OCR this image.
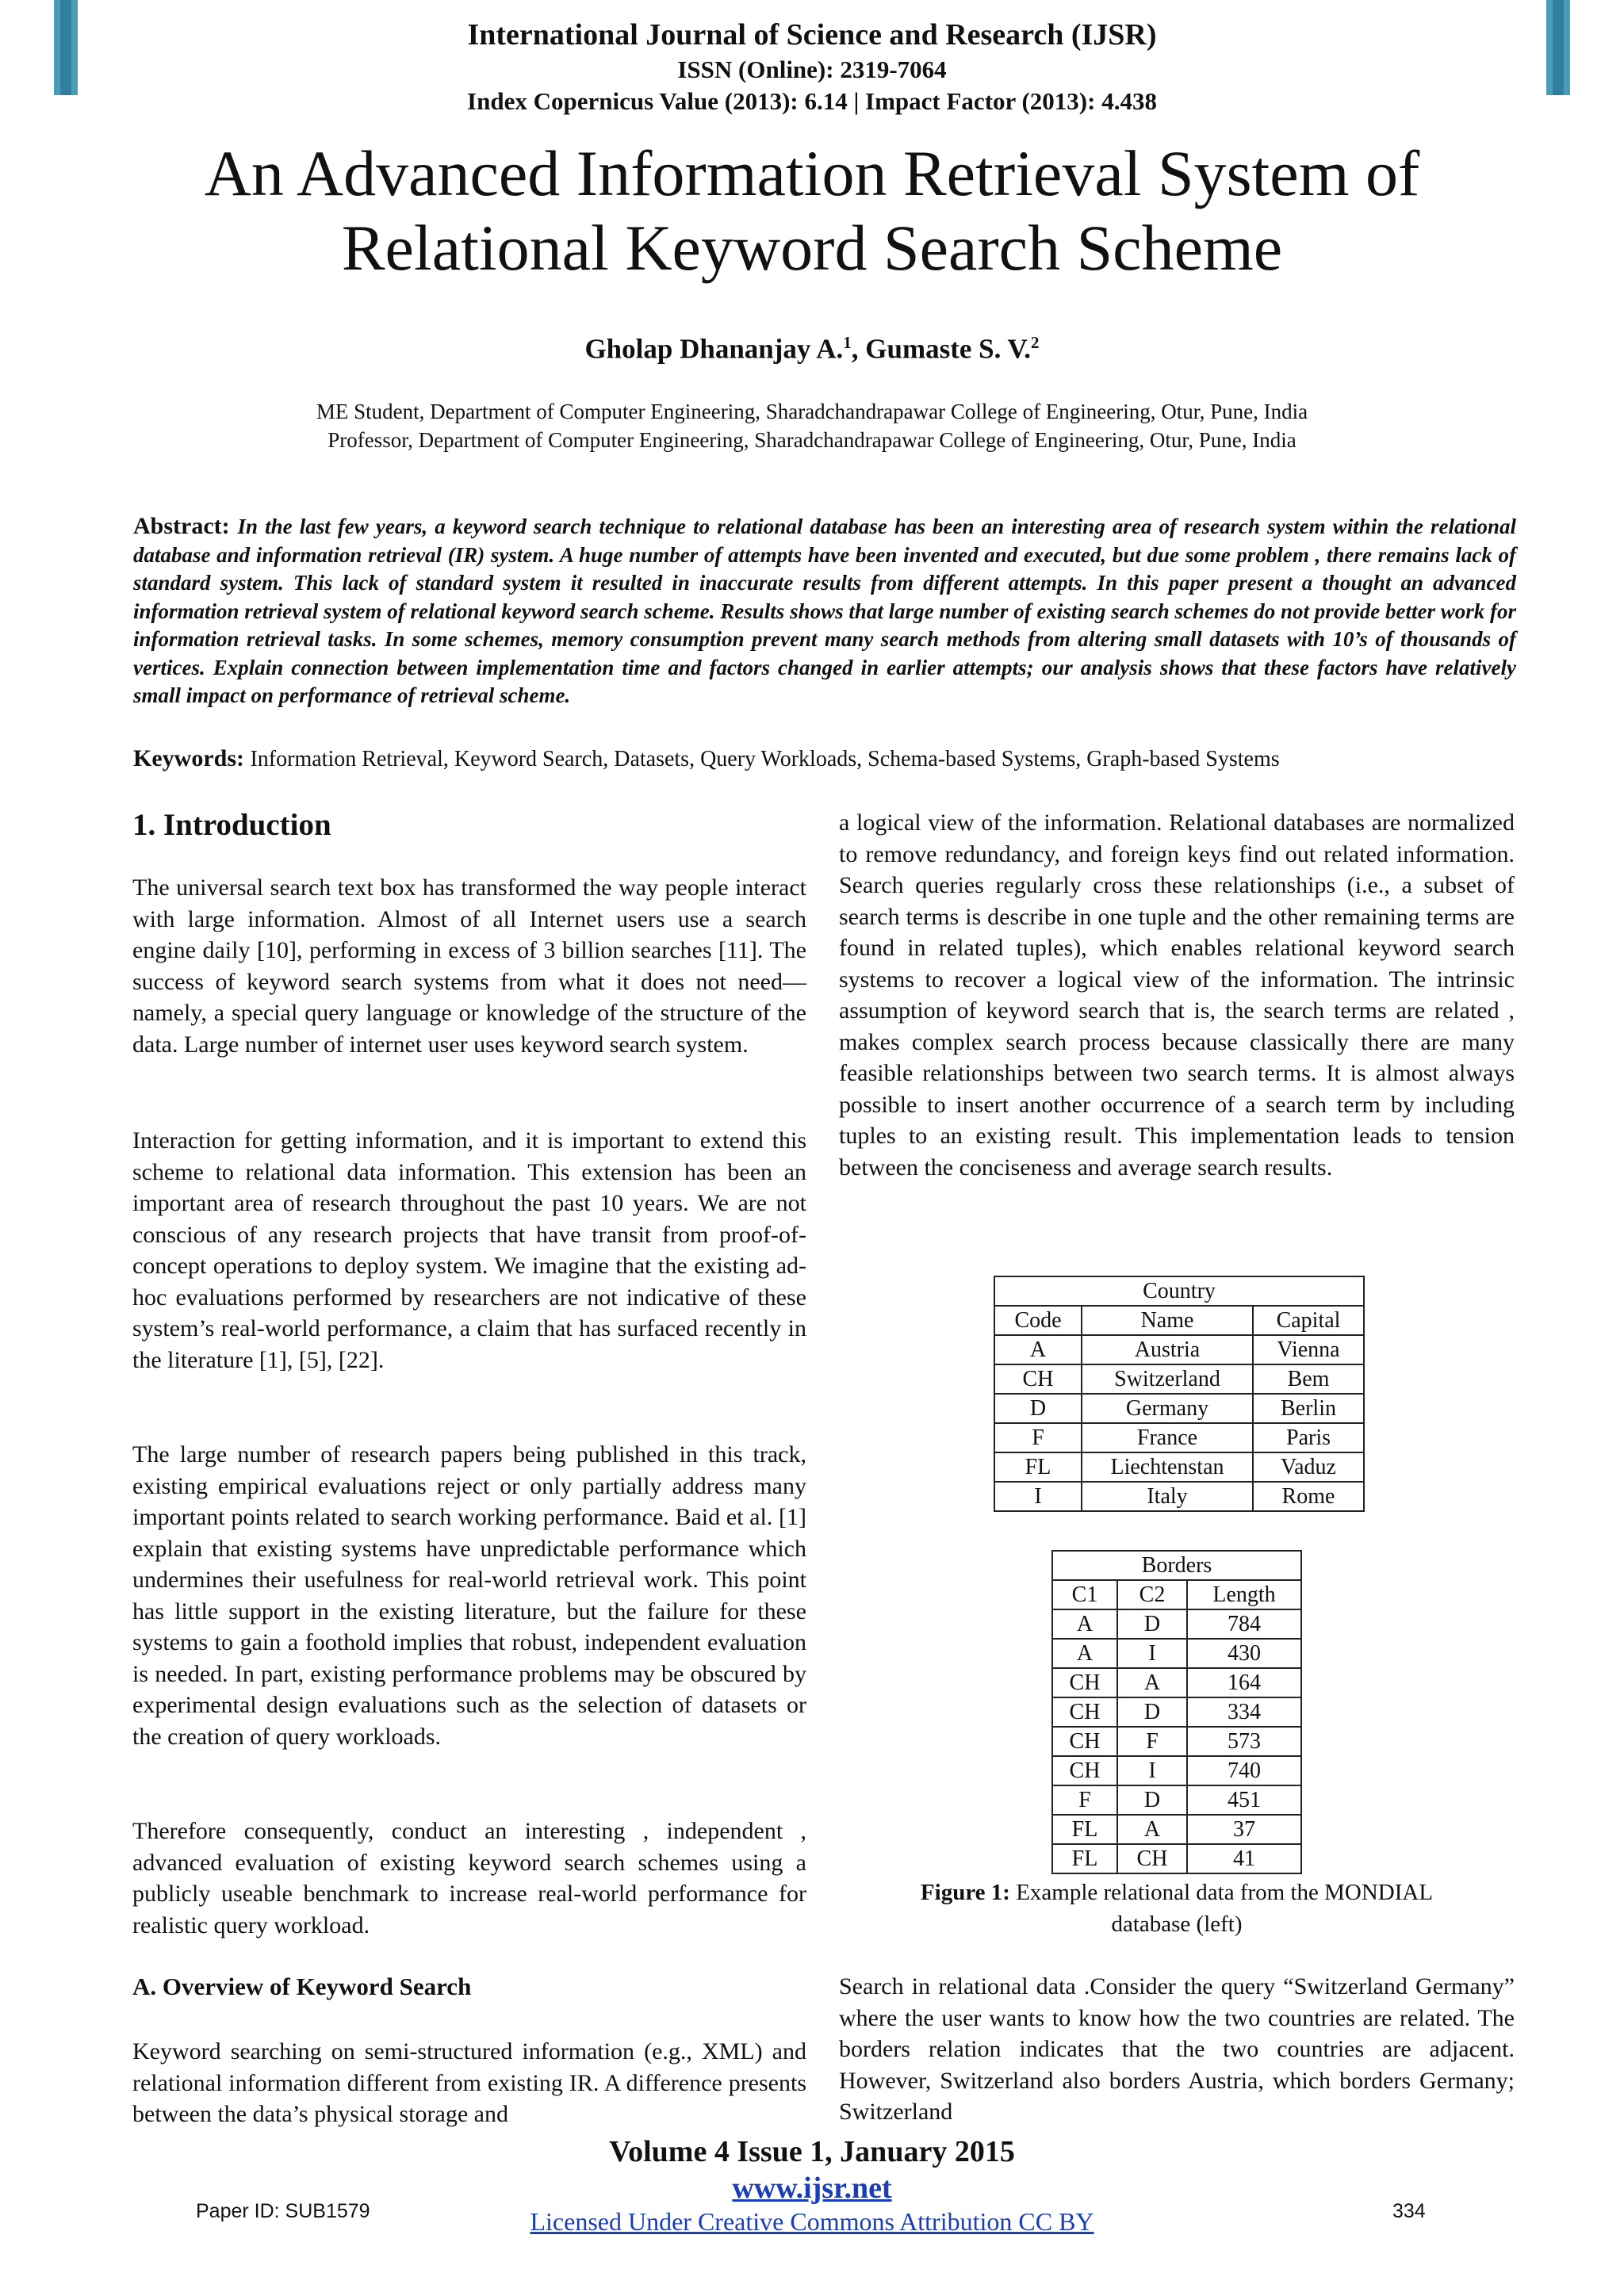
International Journal of Science and Research (IJSR)
ISSN (Online): 2319-7064
Index Copernicus Value (2013): 6.14 | Impact Factor (2013): 4.438
An Advanced Information Retrieval System of
Relational Keyword Search Scheme
Gholap Dhananjay A.$^1$, Gumaste S. V.$^2$
ME Student, Department of Computer Engineering, Sharadchandrapawar College of Engineering, Otur, Pune, India
Professor, Department of Computer Engineering, Sharadchandrapawar College of Engineering, Otur, Pune, India
Abstract: In the last few years, a keyword search technique to relational database has been an interesting area of research system within the relational database and information retrieval (IR) system. A huge number of attempts have been invented and executed, but due some problem , there remains lack of standard system. This lack of standard system it resulted in inaccurate results from different attempts. In this paper present a thought an advanced information retrieval system of relational keyword search scheme. Results shows that large number of existing search schemes do not provide better work for information retrieval tasks. In some schemes, memory consumption prevent many search methods from altering small datasets with 10’s of thousands of vertices. Explain connection between implementation time and factors changed in earlier attempts; our analysis shows that these factors have relatively small impact on performance of retrieval scheme.
Keywords: Information Retrieval, Keyword Search, Datasets, Query Workloads, Schema-based Systems, Graph-based Systems
1. Introduction

The universal search text box has transformed the way people interact with large information. Almost of all Internet users use a search engine daily [10], performing in excess of 3 billion searches [11]. The success of keyword search systems from what it does not need—namely, a special query language or knowledge of the structure of the data. Large number of internet user uses keyword search system.

Interaction for getting information, and it is important to extend this scheme to relational data information. This extension has been an important area of research throughout the past 10 years. We are not conscious of any research projects that have transit from proof-of-concept operations to deploy system. We imagine that the existing ad-hoc evaluations performed by researchers are not indicative of these system’s real-world performance, a claim that has surfaced recently in the literature [1], [5], [22].

The large number of research papers being published in this track, existing empirical evaluations reject or only partially address many important points related to search working performance. Baid et al. [1] explain that existing systems have unpredictable performance which undermines their usefulness for real-world retrieval work. This point has little support in the existing literature, but the failure for these systems to gain a foothold implies that robust, independent evaluation is needed. In part, existing performance problems may be obscured by experimental design evaluations such as the selection of datasets or the creation of query workloads.

Therefore consequently, conduct an interesting , independent , advanced evaluation of existing keyword search schemes using a publicly useable benchmark to increase real-world performance for realistic query workload.

A. Overview of Keyword Search

Keyword searching on semi-structured information (e.g., XML) and relational information different from existing IR. A difference presents between the data’s physical storage and

a logical view of the information. Relational databases are normalized to remove redundancy, and foreign keys find out related information. Search queries regularly cross these relationships (i.e., a subset of search terms is describe in one tuple and the other remaining terms are found in related tuples), which enables relational keyword search systems to recover a logical view of the information. The intrinsic assumption of keyword search that is, the search terms are related , makes complex search process because classically there are many feasible relationships between two search terms. It is almost always possible to insert another occurrence of a search term by including tuples to an existing result. This implementation leads to tension between the conciseness and average search results.

Search in relational data .Consider the query “Switzerland Germany” where the user wants to know how the two countries are related. The borders relation indicates that the two countries are adjacent. However, Switzerland also borders Austria, which borders Germany; Switzerland

Country		
Code	Name	Capital
A	Austria	Vienna
CH	Switzerland	Bem
D	Germany	Berlin
F	France	Paris
FL	Liechtenstan	Vaduz
I	Italy	Rome
Borders		
C1	C2	Length
A	D	784
A	I	430
CH	A	164
CH	D	334
CH	F	573
CH	I	740
F	D	451
FL	A	37
FL	CH	41
Figure 1: Example relational data from the MONDIAL
database (left)
Volume 4 Issue 1, January 2015
www.ijsr.net
Licensed Under Creative Commons Attribution CC BY
Paper ID: SUB1579	334
